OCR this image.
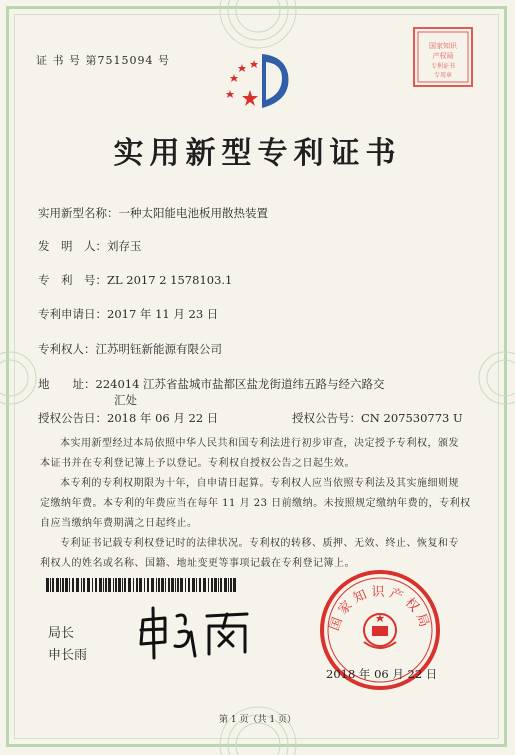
证 书 号 第7515094 号
国家知识
产权局
专利证书
专用章
实用新型专利证书
实用新型名称：一种太阳能电池板用散热装置
发　明　人：刘存玉
专　利　号：ZL 2017 2 1578103.1
专利申请日：2017 年 11 月 23 日
专利权人：江苏明钰新能源有限公司
地　　址：224014 江苏省盐城市盐都区盐龙街道纬五路与经六路交
汇处
授权公告日：2018 年 06 月 22 日	授权公告号：CN 207530773 U
本实用新型经过本局依照中华人民共和国专利法进行初步审查，决定授予专利权，颁发
本证书并在专利登记簿上予以登记。专利权自授权公告之日起生效。
本专利的专利权期限为十年，自申请日起算。专利权人应当依照专利法及其实施细则规
定缴纳年费。本专利的年费应当在每年 11 月 23 日前缴纳。未按照规定缴纳年费的，专利权
自应当缴纳年费期满之日起终止。
专利证书记载专利权登记时的法律状况。专利权的转移、质押、无效、终止、恢复和专
利权人的姓名或名称、国籍、地址变更等事项记载在专利登记簿上。
局长
申长雨
国家知识产权局
2018 年 06 月 22 日
第 1 页（共 1 页）
